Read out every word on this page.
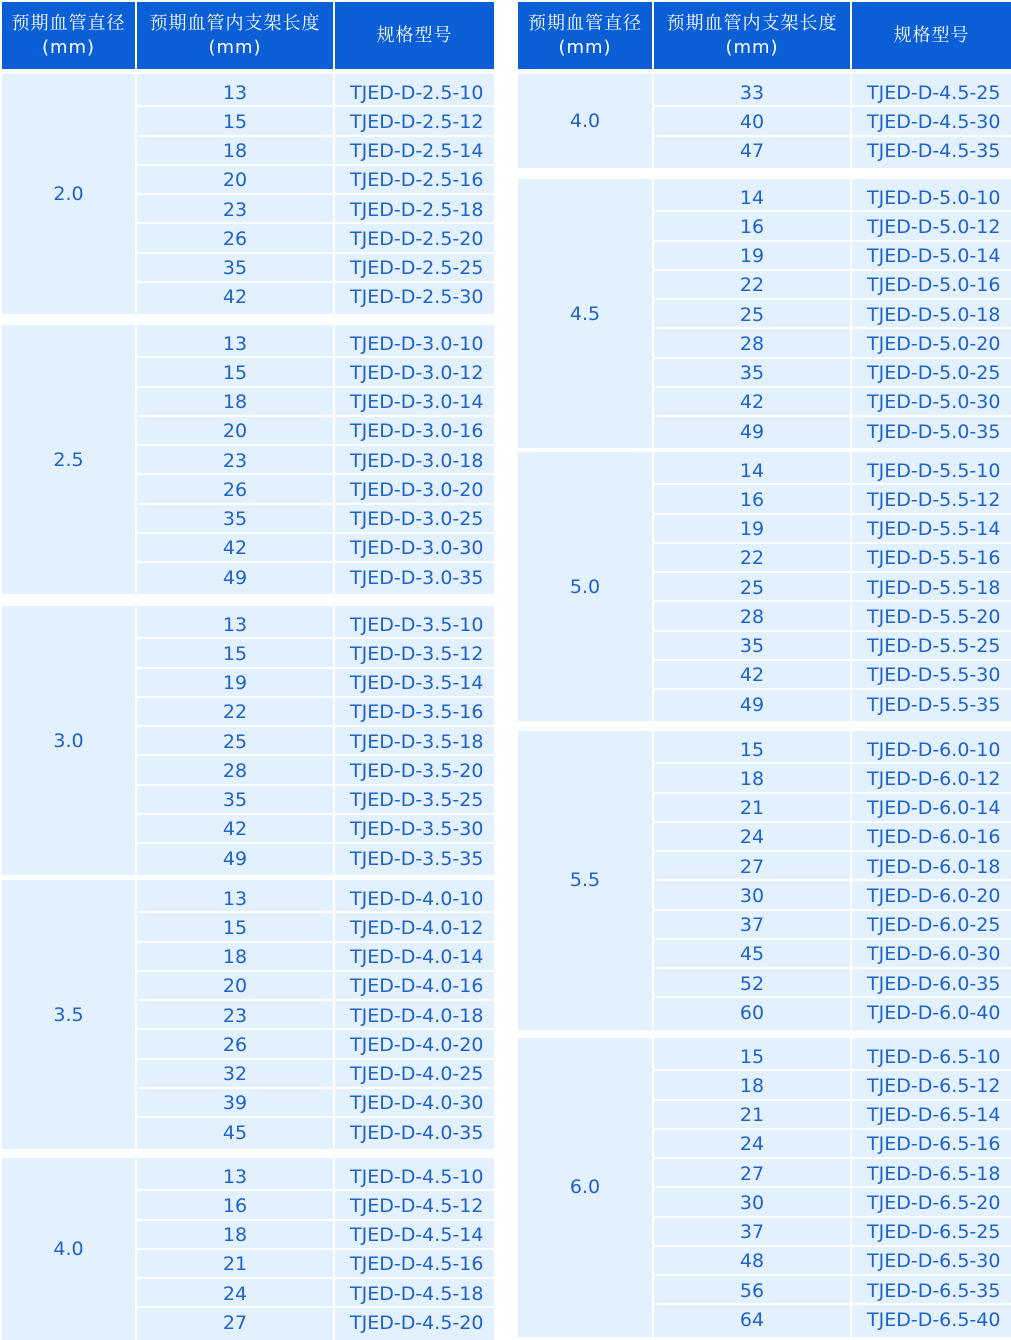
预期血管直径
(mm)
预期血管内支架长度
(mm)
规格型号
2.0
13	TJED-D-2.5-10
15	TJED-D-2.5-12
18	TJED-D-2.5-14
20	TJED-D-2.5-16
23	TJED-D-2.5-18
26	TJED-D-2.5-20
35	TJED-D-2.5-25
42	TJED-D-2.5-30
2.5
13	TJED-D-3.0-10
15	TJED-D-3.0-12
18	TJED-D-3.0-14
20	TJED-D-3.0-16
23	TJED-D-3.0-18
26	TJED-D-3.0-20
35	TJED-D-3.0-25
42	TJED-D-3.0-30
49	TJED-D-3.0-35
3.0
13	TJED-D-3.5-10
15	TJED-D-3.5-12
19	TJED-D-3.5-14
22	TJED-D-3.5-16
25	TJED-D-3.5-18
28	TJED-D-3.5-20
35	TJED-D-3.5-25
42	TJED-D-3.5-30
49	TJED-D-3.5-35
3.5
13	TJED-D-4.0-10
15	TJED-D-4.0-12
18	TJED-D-4.0-14
20	TJED-D-4.0-16
23	TJED-D-4.0-18
26	TJED-D-4.0-20
32	TJED-D-4.0-25
39	TJED-D-4.0-30
45	TJED-D-4.0-35
4.0
13	TJED-D-4.5-10
16	TJED-D-4.5-12
18	TJED-D-4.5-14
21	TJED-D-4.5-16
24	TJED-D-4.5-18
27	TJED-D-4.5-20
预期血管直径
(mm)
预期血管内支架长度
(mm)
规格型号
4.0
33	TJED-D-4.5-25
40	TJED-D-4.5-30
47	TJED-D-4.5-35
4.5
14	TJED-D-5.0-10
16	TJED-D-5.0-12
19	TJED-D-5.0-14
22	TJED-D-5.0-16
25	TJED-D-5.0-18
28	TJED-D-5.0-20
35	TJED-D-5.0-25
42	TJED-D-5.0-30
49	TJED-D-5.0-35
5.0
14	TJED-D-5.5-10
16	TJED-D-5.5-12
19	TJED-D-5.5-14
22	TJED-D-5.5-16
25	TJED-D-5.5-18
28	TJED-D-5.5-20
35	TJED-D-5.5-25
42	TJED-D-5.5-30
49	TJED-D-5.5-35
5.5
15	TJED-D-6.0-10
18	TJED-D-6.0-12
21	TJED-D-6.0-14
24	TJED-D-6.0-16
27	TJED-D-6.0-18
30	TJED-D-6.0-20
37	TJED-D-6.0-25
45	TJED-D-6.0-30
52	TJED-D-6.0-35
60	TJED-D-6.0-40
6.0
15	TJED-D-6.5-10
18	TJED-D-6.5-12
21	TJED-D-6.5-14
24	TJED-D-6.5-16
27	TJED-D-6.5-18
30	TJED-D-6.5-20
37	TJED-D-6.5-25
48	TJED-D-6.5-30
56	TJED-D-6.5-35
64	TJED-D-6.5-40
